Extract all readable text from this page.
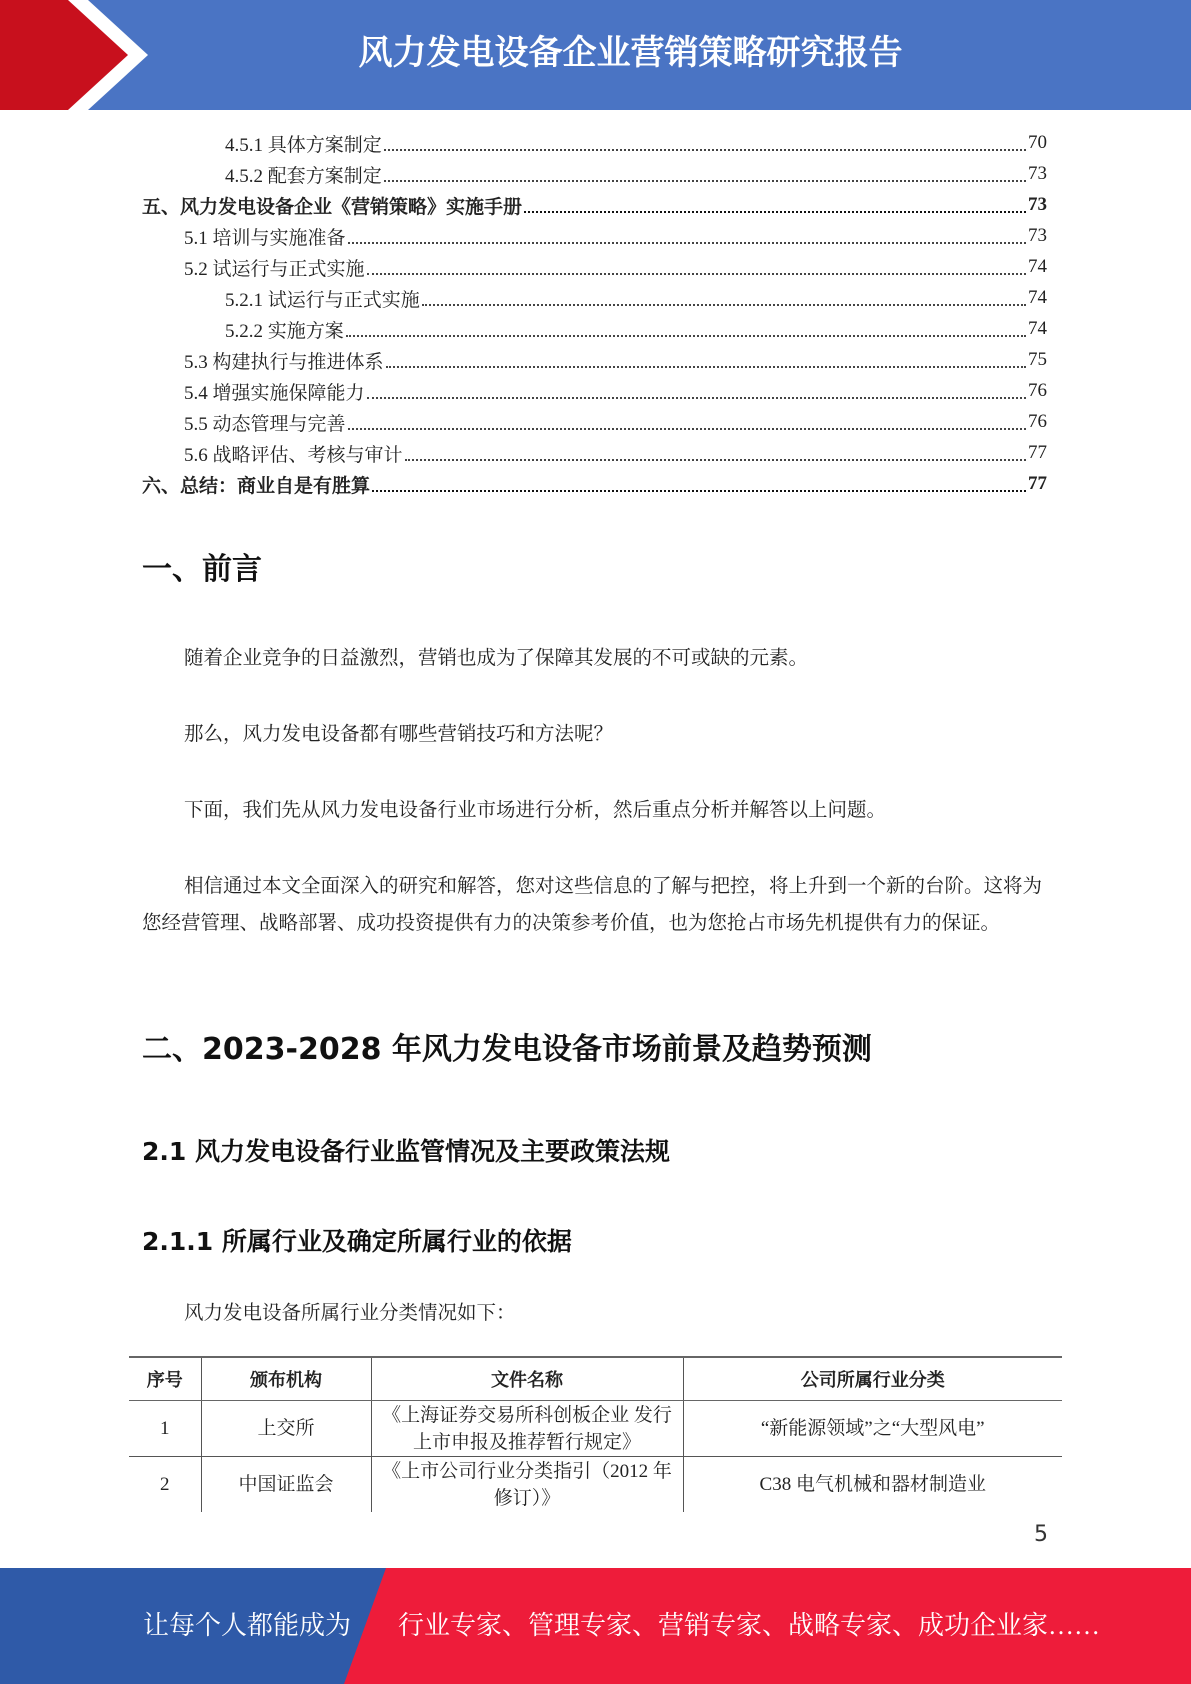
风力发电设备企业营销策略研究报告
4.5.1 具体方案制定	70
4.5.2 配套方案制定	73
五、风力发电设备企业《营销策略》实施手册	73
5.1 培训与实施准备	73
5.2 试运行与正式实施	74
5.2.1 试运行与正式实施	74
5.2.2 实施方案	74
5.3 构建执行与推进体系	75
5.4 增强实施保障能力	76
5.5 动态管理与完善	76
5.6 战略评估、考核与审计	77
六、总结：商业自是有胜算	77
一、前言
随着企业竞争的日益激烈，营销也成为了保障其发展的不可或缺的元素。
那么，风力发电设备都有哪些营销技巧和方法呢？
下面，我们先从风力发电设备行业市场进行分析，然后重点分析并解答以上问题。
相信通过本文全面深入的研究和解答，您对这些信息的了解与把控，将上升到一个新的台阶。这将为您经营管理、战略部署、成功投资提供有力的决策参考价值，也为您抢占市场先机提供有力的保证。
二、2023-2028 年风力发电设备市场前景及趋势预测
2.1 风力发电设备行业监管情况及主要政策法规
2.1.1 所属行业及确定所属行业的依据
风力发电设备所属行业分类情况如下：
序号	颁布机构	文件名称	公司所属行业分类
1	上交所	《上海证券交易所科创板企业 发行上市申报及推荐暂行规定》	“新能源领域”之“大型风电”
2	中国证监会	《上市公司行业分类指引（2012 年修订）》	C38 电气机械和器材制造业
5
让每个人都能成为 行业专家、管理专家、营销专家、战略专家、成功企业家……
